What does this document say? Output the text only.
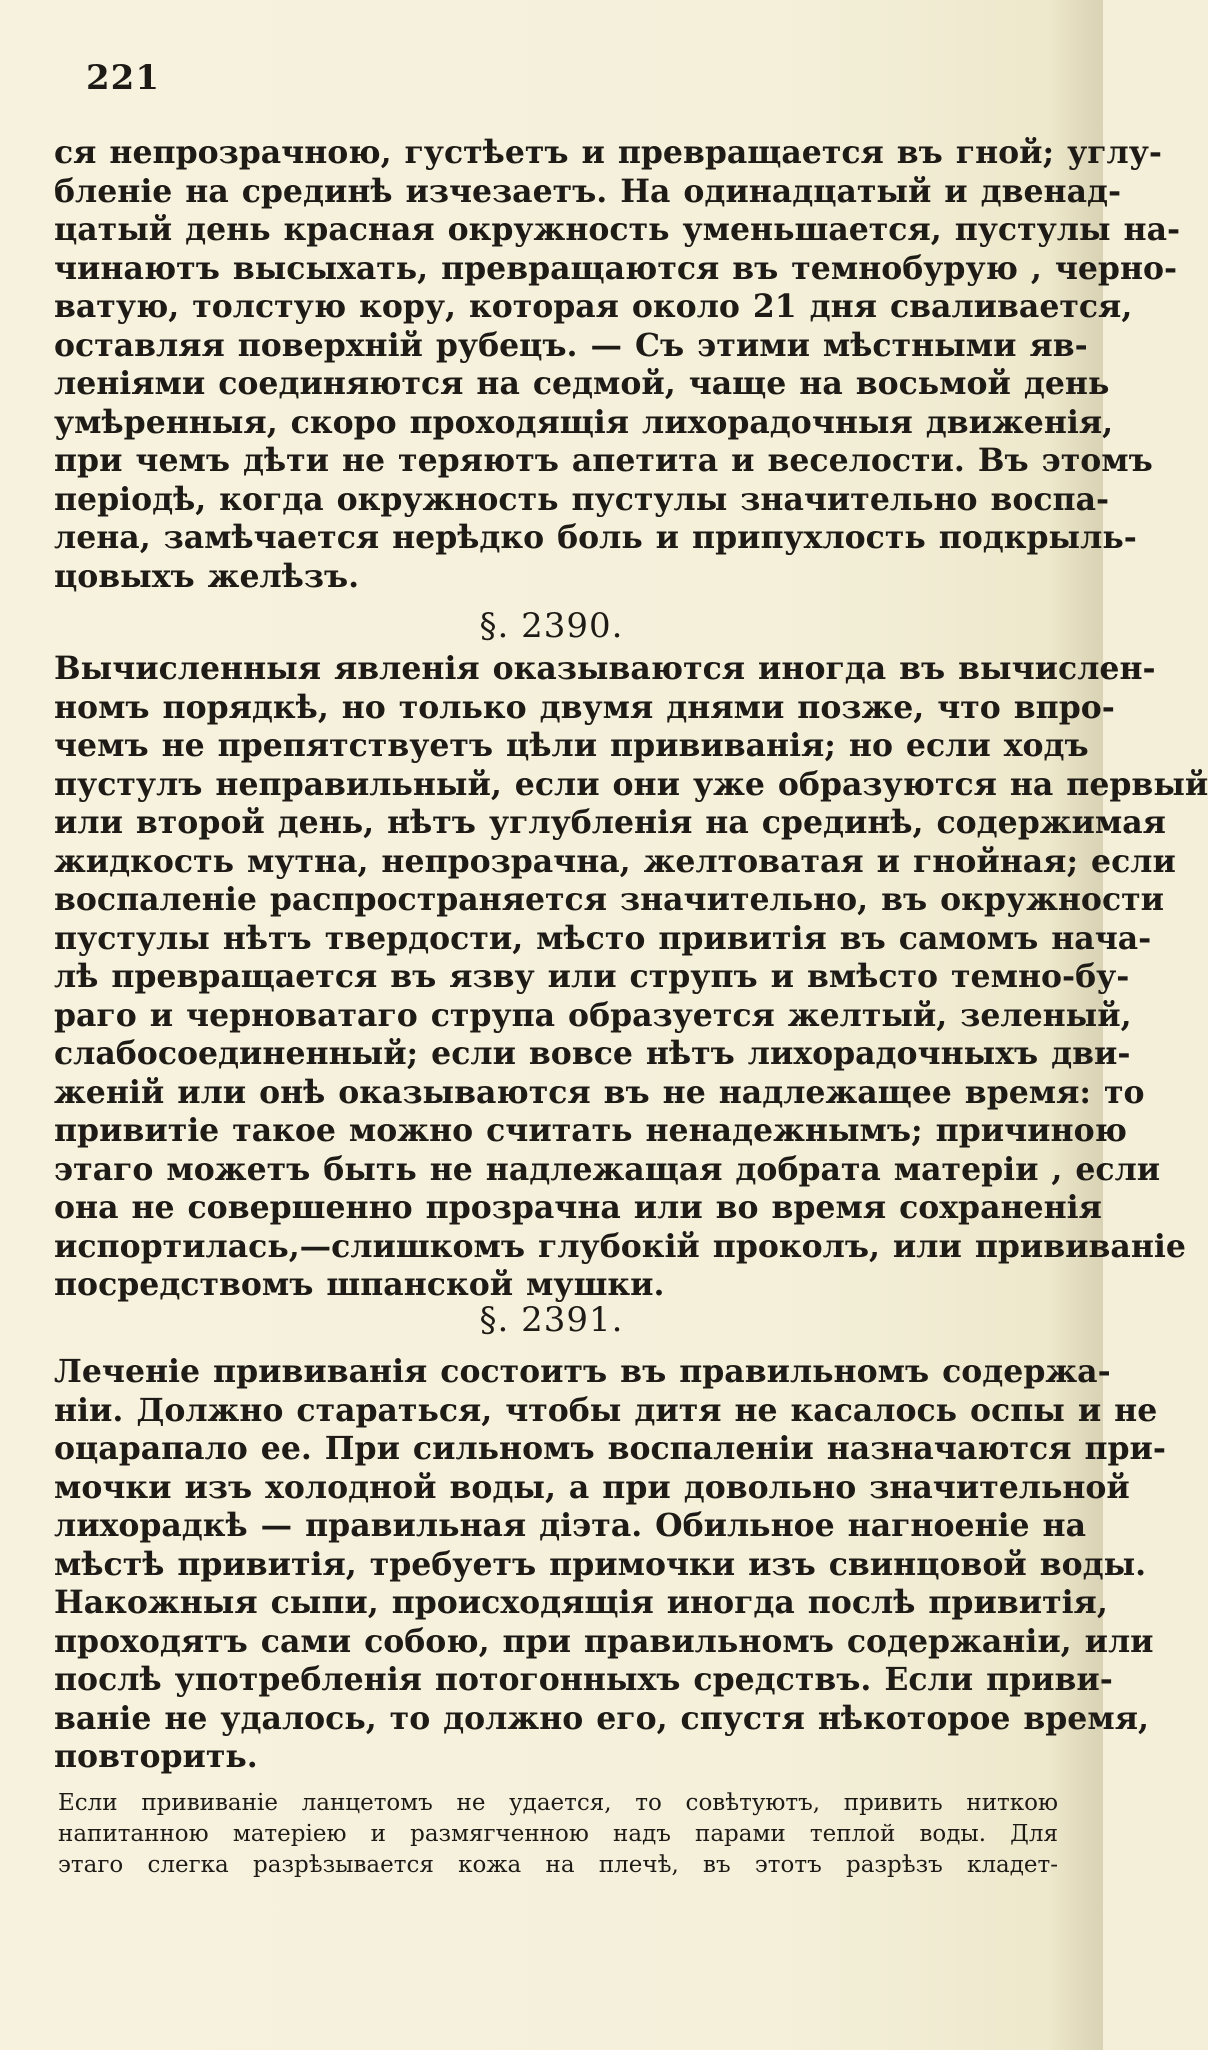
221

ся непрозрачною, густѣетъ и превращается въ гной; углу-
бленіе на срединѣ изчезаетъ. На одинадцатый и двенад-
цатый день красная окружность уменьшается, пустулы на-
чинаютъ высыхать, превращаются въ темнобурую , черно-
ватую, толстую кору, которая около 21 дня сваливается,
оставляя поверхній рубецъ. — Съ этими мѣстными яв-
леніями соединяются на седмой, чаще на восьмой день
умѣренныя, скоро проходящія лихорадочныя движенія,
при чемъ дѣти не теряютъ апетита и веселости. Въ этомъ
періодѣ, когда окружность пустулы значительно воспа-
лена, замѣчается нерѣдко боль и припухлость подкрыль-
цовыхъ желѣзъ.

§. 2390.

Вычисленныя явленія оказываются иногда въ вычислен-
номъ порядкѣ, но только двумя днями позже, что впро-
чемъ не препятствуетъ цѣли прививанія; но если ходъ
пустулъ неправильный, если они уже образуются на первый
или второй день, нѣтъ углубленія на срединѣ, содержимая
жидкость мутна, непрозрачна, желтоватая и гнойная; если
воспаленіе распространяется значительно, въ окружности
пустулы нѣтъ твердости, мѣсто привитія въ самомъ нача-
лѣ превращается въ язву или струпъ и вмѣсто темно-бу-
раго и черноватаго струпа образуется желтый, зеленый,
слабосоединенный; если вовсе нѣтъ лихорадочныхъ дви-
женій или онѣ оказываются въ не надлежащее время: то
привитіе такое можно считать ненадежнымъ; причиною
этаго можетъ быть не надлежащая добрата матеріи , если
она не совершенно прозрачна или во время сохраненія
испортилась,—слишкомъ глубокій проколъ, или прививаніе
посредствомъ шпанской мушки.

§. 2391.

Леченіе прививанія состоитъ въ правильномъ содержа-
ніи. Должно стараться, чтобы дитя не касалось оспы и не
оцарапало ее. При сильномъ воспаленіи назначаются при-
мочки изъ холодной воды, а при довольно значительной
лихорадкѣ — правильная діэта. Обильное нагноеніе на
мѣстѣ привитія, требуетъ примочки изъ свинцовой воды.
Накожныя сыпи, происходящія иногда послѣ привитія,
проходятъ сами собою, при правильномъ содержаніи, или
послѣ употребленія потогонныхъ средствъ. Если приви-
ваніе не удалось, то должно его, спустя нѣкоторое время,
повторить.
Если прививаніе ланцетомъ не удается, то совѣтуютъ, привить ниткою
напитанною матеріею и размягченною надъ парами теплой воды. Для
этаго слегка разрѣзывается кожа на плечѣ, въ этотъ разрѣзъ кладет-
